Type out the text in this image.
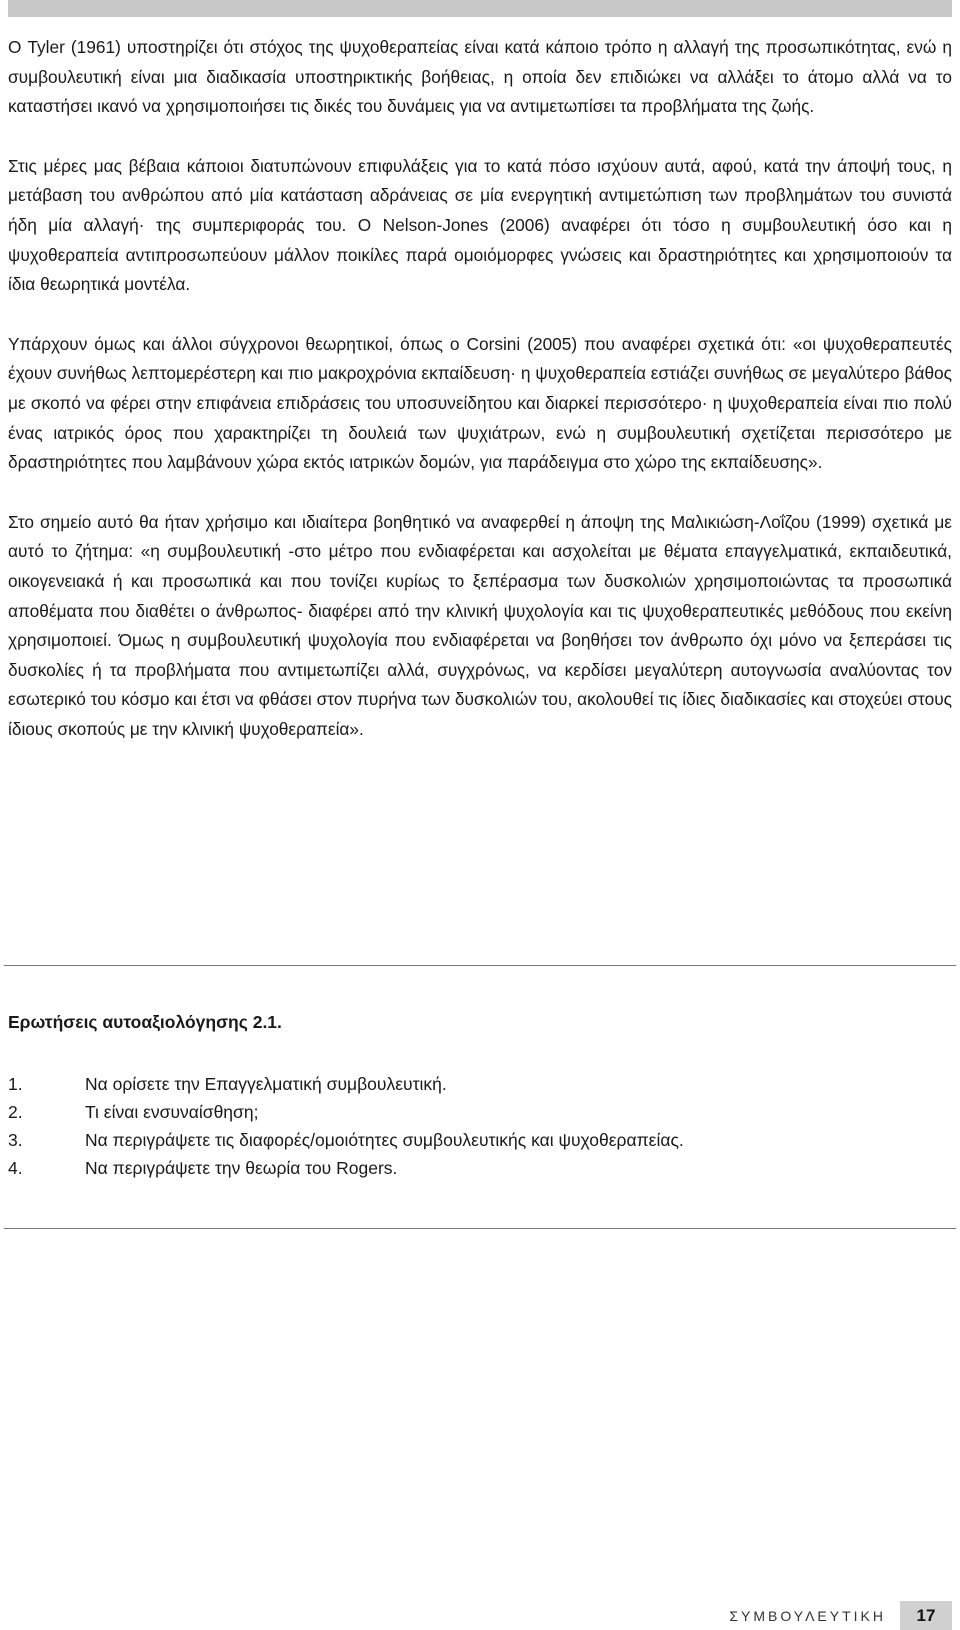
Ο Tyler (1961) υποστηρίζει ότι στόχος της ψυχοθεραπείας είναι κατά κάποιο τρόπο η αλλαγή της προσωπικότητας, ενώ η συμβουλευτική είναι μια διαδικασία υποστηρικτικής βοήθειας, η οποία δεν επιδιώκει να αλλάξει το άτομο αλλά να το καταστήσει ικανό να χρησιμοποιήσει τις δικές του δυνάμεις για να αντιμετωπίσει τα προβλήματα της ζωής.

Στις μέρες μας βέβαια κάποιοι διατυπώνουν επιφυλάξεις για το κατά πόσο ισχύουν αυτά, αφού, κατά την άποψή τους, η μετάβαση του ανθρώπου από μία κατάσταση αδράνειας σε μία ενεργητική αντιμετώπιση των προβλημάτων του συνιστά ήδη μία αλλαγή· της συμπεριφοράς του. Ο Nelson-Jones (2006) αναφέρει ότι τόσο η συμβουλευτική όσο και η ψυχοθεραπεία αντιπροσωπεύουν μάλλον ποικίλες παρά ομοιόμορφες γνώσεις και δραστηριότητες και χρησιμοποιούν τα ίδια θεωρητικά μοντέλα.

Υπάρχουν όμως και άλλοι σύγχρονοι θεωρητικοί, όπως ο Corsini (2005) που αναφέρει σχετικά ότι: «οι ψυχοθεραπευτές έχουν συνήθως λεπτομερέστερη και πιο μακροχρόνια εκπαίδευση· η ψυχοθεραπεία εστιάζει συνήθως σε μεγαλύτερο βάθος με σκοπό να φέρει στην επιφάνεια επιδράσεις του υποσυνείδητου και διαρκεί περισσότερο· η ψυχοθεραπεία είναι πιο πολύ ένας ιατρικός όρος που χαρακτηρίζει τη δουλειά των ψυχιάτρων, ενώ η συμβουλευτική σχετίζεται περισσότερο με δραστηριότητες που λαμβάνουν χώρα εκτός ιατρικών δομών, για παράδειγμα στο χώρο της εκπαίδευσης».

Στο σημείο αυτό θα ήταν χρήσιμο και ιδιαίτερα βοηθητικό να αναφερθεί η άποψη της Μαλικιώση-Λοΐζου (1999) σχετικά με αυτό το ζήτημα: «η συμβουλευτική -στο μέτρο που ενδιαφέρεται και ασχολείται με θέματα επαγγελματικά, εκπαιδευτικά, οικογενειακά ή και προσωπικά και που τονίζει κυρίως το ξεπέρασμα των δυσκολιών χρησιμοποιώντας τα προσωπικά αποθέματα που διαθέτει ο άνθρωπος- διαφέρει από την κλινική ψυχολογία και τις ψυχοθεραπευτικές μεθόδους που εκείνη χρησιμοποιεί. Όμως η συμβουλευτική ψυχολογία που ενδιαφέρεται να βοηθήσει τον άνθρωπο όχι μόνο να ξεπεράσει τις δυσκολίες ή τα προβλήματα που αντιμετωπίζει αλλά, συγχρόνως, να κερδίσει μεγαλύτερη αυτογνωσία αναλύοντας τον εσωτερικό του κόσμο και έτσι να φθάσει στον πυρήνα των δυσκολιών του, ακολουθεί τις ίδιες διαδικασίες και στοχεύει στους ίδιους σκοπούς με την κλινική ψυχοθεραπεία».

Ερωτήσεις αυτοαξιολόγησης 2.1.
1.	Να ορίσετε την Επαγγελματική συμβουλευτική.
2.	Τι είναι ενσυναίσθηση;
3.	Να περιγράψετε τις διαφορές/ομοιότητες συμβουλευτικής και ψυχοθεραπείας.
4.	Να περιγράψετε την θεωρία του Rogers.
ΣΥΜΒΟΥΛΕΥΤΙΚΗ	17
